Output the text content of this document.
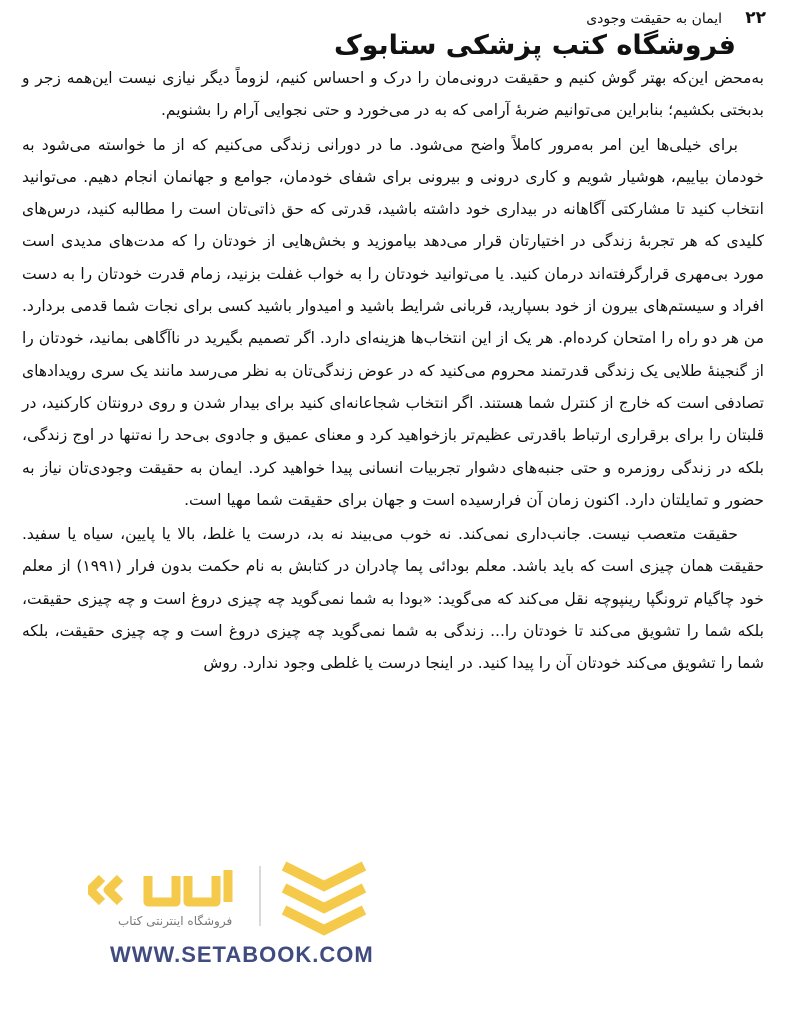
۲۲
ایمان به حقیقت وجودی
فروشگاه کتب پزشکی ستابوک

به‌محض این‌که بهتر گوش کنیم و حقیقت درونی‌مان را درک و احساس کنیم، لزوماً دیگر نیازی نیست این‌همه زجر و بدبختی بکشیم؛ بنابراین می‌توانیم ضربهٔ آرامی که به در می‌خورد و حتی نجوایی آرام را بشنویم.

برای خیلی‌ها این امر به‌مرور کاملاً واضح می‌شود. ما در دورانی زندگی می‌کنیم که از ما خواسته می‌شود به خودمان بیاییم، هوشیار شویم و کاری درونی و بیرونی برای شفای خودمان، جوامع و جهانمان انجام دهیم. می‌توانید انتخاب کنید تا مشارکتی آگاهانه در بیداری خود داشته باشید، قدرتی که حق ذاتی‌تان است را مطالبه کنید، درس‌های کلیدی که هر تجربهٔ زندگی در اختیارتان قرار می‌دهد بیاموزید و بخش‌هایی از خودتان را که مدت‌های مدیدی است مورد بی‌مهری قرارگرفته‌اند درمان کنید. یا می‌توانید خودتان را به خواب غفلت بزنید، زمام قدرت خودتان را به دست افراد و سیستم‌های بیرون از خود بسپارید، قربانی شرایط باشید و امیدوار باشید کسی برای نجات شما قدمی بردارد. من هر دو راه را امتحان کرده‌ام. هر یک از این انتخاب‌ها هزینه‌ای دارد. اگر تصمیم بگیرید در ناآگاهی بمانید، خودتان را از گنجینهٔ طلایی یک زندگی قدرتمند محروم می‌کنید که در عوض زندگی‌تان به نظر می‌رسد مانند یک سری رویدادهای تصادفی است که خارج از کنترل شما هستند. اگر انتخاب شجاعانه‌ای کنید برای بیدار شدن و روی درونتان کارکنید، در قلبتان را برای برقراری ارتباط باقدرتی عظیم‌تر بازخواهید کرد و معنای عمیق و جادوی بی‌حد را نه‌تنها در اوج زندگی، بلکه در زندگی روزمره و حتی جنبه‌های دشوار تجربیات انسانی پیدا خواهید کرد. ایمان به حقیقت وجودی‌تان نیاز به حضور و تمایلتان دارد. اکنون زمان آن فرارسیده است و جهان برای حقیقت شما مهیا است.

حقیقت متعصب نیست. جانب‌داری نمی‌کند. نه خوب می‌بیند نه بد، درست یا غلط، بالا یا پایین، سیاه یا سفید. حقیقت همان چیزی است که باید باشد. معلم بودائی پما چادران در کتابش به نام حکمت بدون فرار (۱۹۹۱) از معلم خود چاگیام ترونگپا رینپوچه نقل می‌کند که می‌گوید: «بودا به شما نمی‌گوید چه چیزی دروغ است و چه چیزی حقیقت، بلکه شما را تشویق می‌کند تا خودتان را... زندگی به شما نمی‌گوید چه چیزی دروغ است و چه چیزی حقیقت، بلکه شما را تشویق می‌کند خودتان آن را پیدا کنید. در اینجا درست یا غلطی وجود ندارد. روش

فروشگاه اینترنتی کتاب
WWW.SETABOOK.COM
